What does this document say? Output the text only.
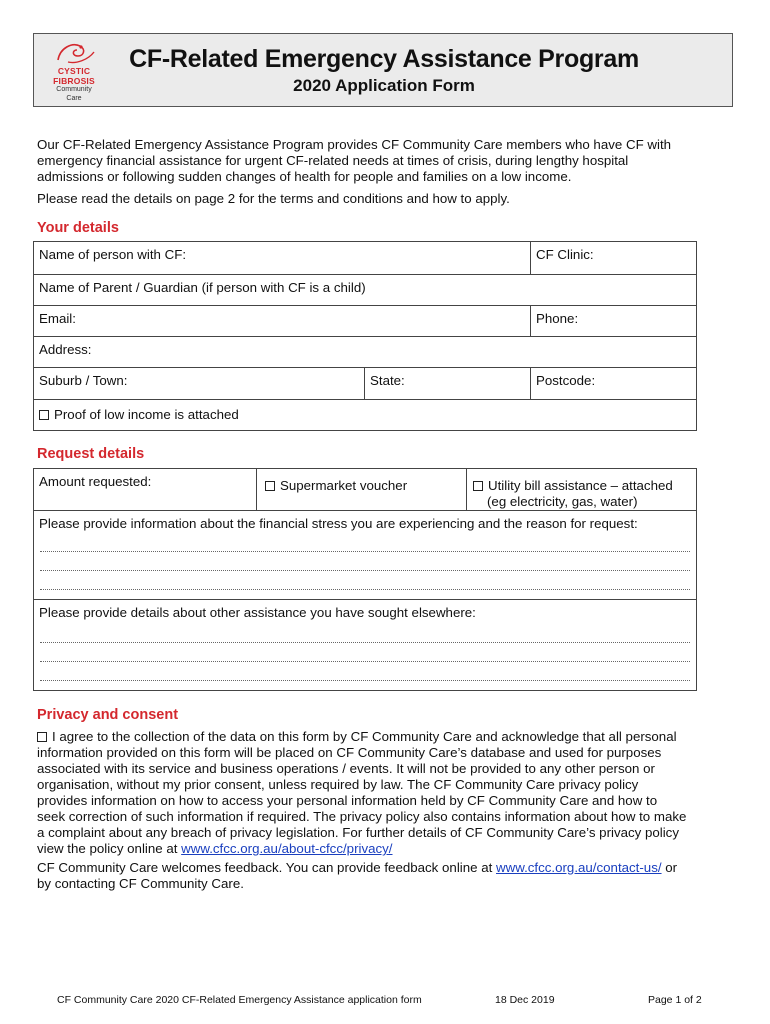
CYSTIC
FIBROSIS
Community
Care
CF-Related Emergency Assistance Program
2020 Application Form
Our CF-Related Emergency Assistance Program provides CF Community Care members who have CF with
emergency financial assistance for urgent CF-related needs at times of crisis, during lengthy hospital
admissions or following sudden changes of health for people and families on a low income.
Please read the details on page 2 for the terms and conditions and how to apply.
Your details
Name of person with CF:	CF Clinic:
Name of Parent / Guardian (if person with CF is a child)
Email:	Phone:
Address:
Suburb / Town:	State:	Postcode:
Proof of low income is attached
Request details
Amount requested:	Supermarket voucher	Utility bill assistance – attached
(eg electricity, gas, water)
Please provide information about the financial stress you are experiencing and the reason for request:
Please provide details about other assistance you have sought elsewhere:
Privacy and consent
I agree to the collection of the data on this form by CF Community Care and acknowledge that all personal
information provided on this form will be placed on CF Community Care’s database and used for purposes
associated with its service and business operations / events. It will not be provided to any other person or
organisation, without my prior consent, unless required by law. The CF Community Care privacy policy
provides information on how to access your personal information held by CF Community Care and how to
seek correction of such information if required. The privacy policy also contains information about how to make
a complaint about any breach of privacy legislation. For further details of CF Community Care’s privacy policy
view the policy online at www.cfcc.org.au/about-cfcc/privacy/
CF Community Care welcomes feedback. You can provide feedback online at www.cfcc.org.au/contact-us/ or
by contacting CF Community Care.
CF Community Care 2020 CF-Related Emergency Assistance application form	18 Dec 2019	Page 1 of 2
